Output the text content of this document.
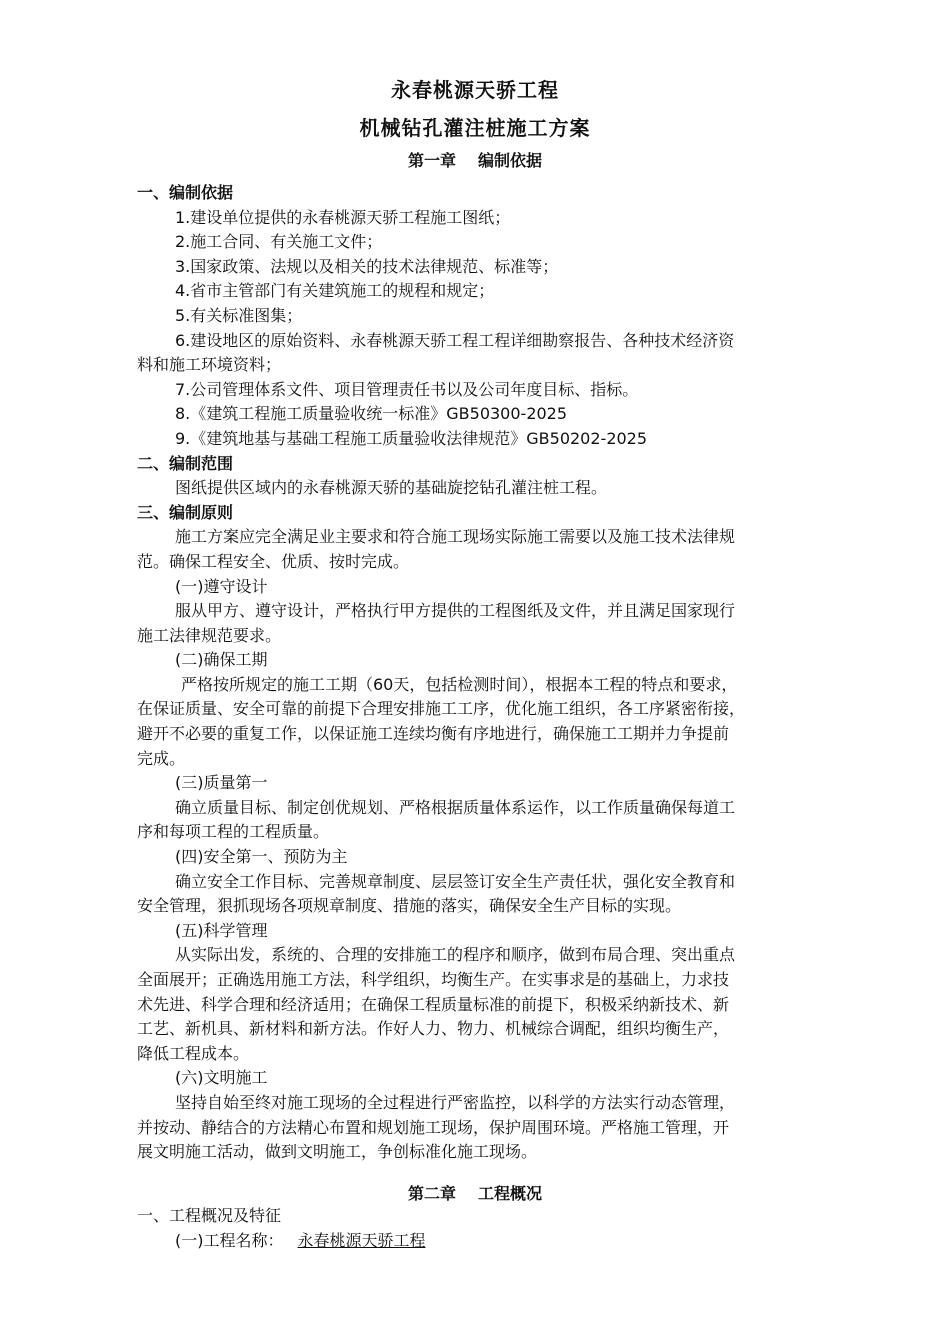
永春桃源天骄工程
机械钻孔灌注桩施工方案
第一章 编制依据
一、编制依据
1.建设单位提供的永春桃源天骄工程施工图纸；
2.施工合同、有关施工文件；
3.国家政策、法规以及相关的技术法律规范、标准等；
4.省市主管部门有关建筑施工的规程和规定；
5.有关标准图集；
6.建设地区的原始资料、永春桃源天骄工程工程详细勘察报告、各种技术经济资
料和施工环境资料；
7.公司管理体系文件、项目管理责任书以及公司年度目标、指标。
8.《建筑工程施工质量验收统一标准》GB50300-2025
9.《建筑地基与基础工程施工质量验收法律规范》GB50202-2025
二、编制范围
图纸提供区域内的永春桃源天骄的基础旋挖钻孔灌注桩工程。
三、编制原则
施工方案应完全满足业主要求和符合施工现场实际施工需要以及施工技术法律规
范。确保工程安全、优质、按时完成。
(一)遵守设计
服从甲方、遵守设计，严格执行甲方提供的工程图纸及文件，并且满足国家现行
施工法律规范要求。
(二)确保工期
严格按所规定的施工工期（60天，包括检测时间），根据本工程的特点和要求，
在保证质量、安全可靠的前提下合理安排施工工序，优化施工组织，各工序紧密衔接，
避开不必要的重复工作，以保证施工连续均衡有序地进行，确保施工工期并力争提前
完成。
(三)质量第一
确立质量目标、制定创优规划、严格根据质量体系运作，以工作质量确保每道工
序和每项工程的工程质量。
(四)安全第一、预防为主
确立安全工作目标、完善规章制度、层层签订安全生产责任状，强化安全教育和
安全管理，狠抓现场各项规章制度、措施的落实，确保安全生产目标的实现。
(五)科学管理
从实际出发，系统的、合理的安排施工的程序和顺序，做到布局合理、突出重点
全面展开；正确选用施工方法，科学组织，均衡生产。在实事求是的基础上，力求技
术先进、科学合理和经济适用；在确保工程质量标准的前提下，积极采纳新技术、新
工艺、新机具、新材料和新方法。作好人力、物力、机械综合调配，组织均衡生产，
降低工程成本。
(六)文明施工
坚持自始至终对施工现场的全过程进行严密监控，以科学的方法实行动态管理，
并按动、静结合的方法精心布置和规划施工现场，保护周围环境。严格施工管理，开
展文明施工活动，做到文明施工，争创标准化施工现场。
第二章 工程概况
一、工程概况及特征
(一)工程名称： 永春桃源天骄工程
